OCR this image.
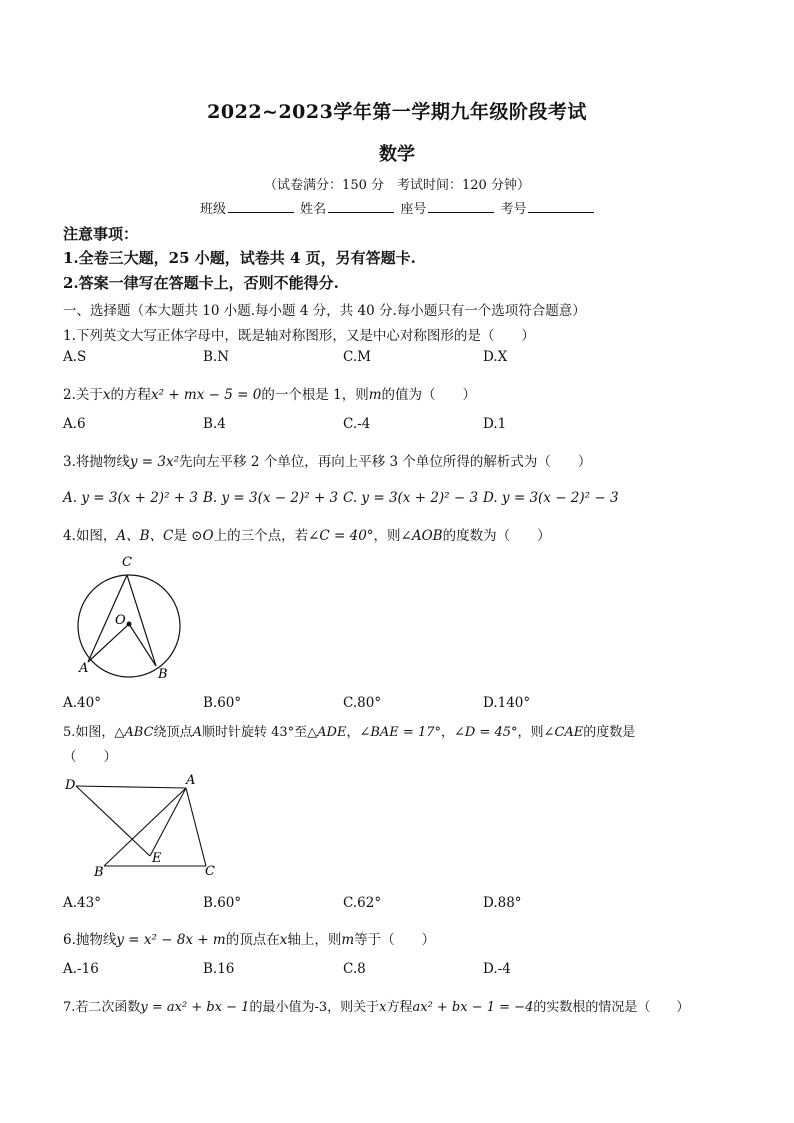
2022~2023学年第一学期九年级阶段考试
数学
（试卷满分：150 分　考试时间：120 分钟）
班级	姓名	座号	考号
注意事项：
1.全卷三大题，25 小题，试卷共 4 页，另有答题卡.
2.答案一律写在答题卡上，否则不能得分.
一、选择题（本大题共 10 小题.每小题 4 分，共 40 分.每小题只有一个选项符合题意）
1.下列英文大写正体字母中，既是轴对称图形，又是中心对称图形的是（　　）
A.S	B.N	C.M	D.X
2.关于x的方程x² + mx − 5 = 0的一个根是 1，则m的值为（　　）
A.6	B.4	C.-4	D.1
3.将抛物线y = 3x²先向左平移 2 个单位，再向上平移 3 个单位所得的解析式为（　　）
A. y = 3(x + 2)² + 3 B. y = 3(x − 2)² + 3 C. y = 3(x + 2)² − 3 D. y = 3(x − 2)² − 3
4.如图，A、B、C是 ⊙O上的三个点，若∠C = 40°，则∠AOB的度数为（　　）
C
O
A	B
A.40°	B.60°	C.80°	D.140°
5.如图，△ABC绕顶点A顺时针旋转 43°至△ADE，∠BAE = 17°，∠D = 45°，则∠CAE的度数是
（　　）
D	A
B
E
C
A.43°	B.60°	C.62°	D.88°
6.抛物线y = x² − 8x + m的顶点在x轴上，则m等于（　　）
A.-16	B.16	C.8	D.-4
7.若二次函数y = ax² + bx − 1的最小值为-3，则关于x方程ax² + bx − 1 = −4的实数根的情况是（　　）
